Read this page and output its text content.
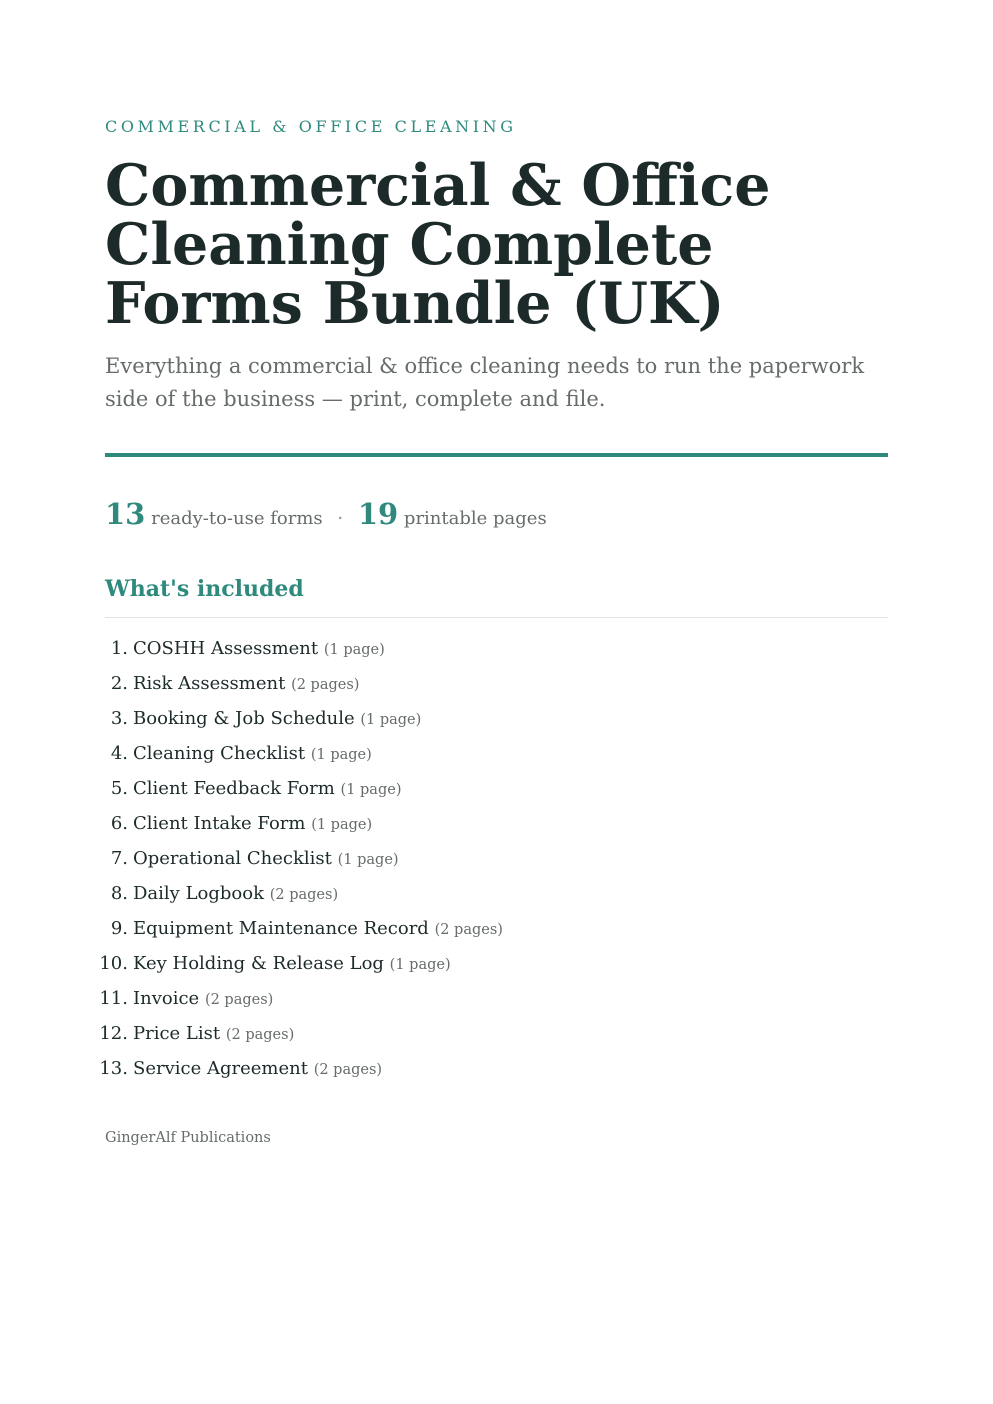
COMMERCIAL & OFFICE CLEANING
Commercial & Office Cleaning Complete Forms Bundle (UK)

Everything a commercial & office cleaning needs to run the paperwork side of the business — print, complete and file.

13 ready-to-use forms · 19 printable pages
What's included
1. COSHH Assessment (1 page)
2. Risk Assessment (2 pages)
3. Booking & Job Schedule (1 page)
4. Cleaning Checklist (1 page)
5. Client Feedback Form (1 page)
6. Client Intake Form (1 page)
7. Operational Checklist (1 page)
8. Daily Logbook (2 pages)
9. Equipment Maintenance Record (2 pages)
10. Key Holding & Release Log (1 page)
11. Invoice (2 pages)
12. Price List (2 pages)
13. Service Agreement (2 pages)
GingerAlf Publications
